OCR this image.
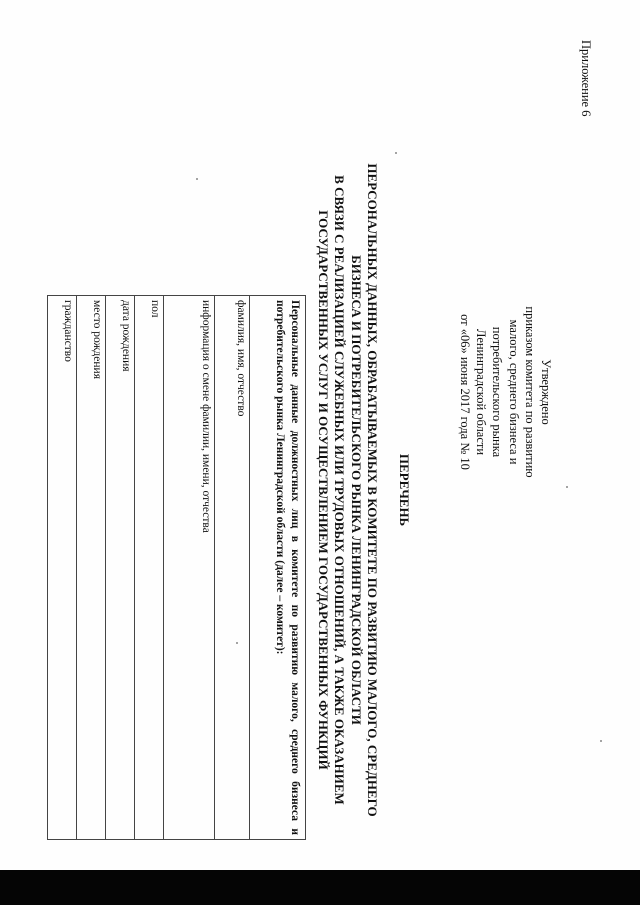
Приложение 6
Утверждено
приказом комитета по развитию
малого, среднего бизнеса и
потребительского рынка
Ленинградской области
от «06» июня 2017 года № 10
ПЕРЕЧЕНЬ
ПЕРСОНАЛЬНЫХ ДАННЫХ, ОБРАБАТЫВАЕМЫХ В КОМИТЕТЕ ПО РАЗВИТИЮ МАЛОГО, СРЕДНЕГО
БИЗНЕСА И ПОТРЕБИТЕЛЬСКОГО РЫНКА ЛЕНИНГРАДСКОЙ ОБЛАСТИ
В СВЯЗИ С РЕАЛИЗАЦИЕЙ СЛУЖЕБНЫХ ИЛИ ТРУДОВЫХ ОТНОШЕНИЙ, А ТАКЖЕ ОКАЗАНИЕМ
ГОСУДАРСТВЕННЫХ УСЛУГ И ОСУЩЕСТВЛЕНИЕМ ГОСУДАРСТВЕННЫХ ФУНКЦИЙ
Персональные данные должностных лиц в комитете по развитию малого, среднего бизнеса и потребительского рынка Ленинградской области (далее – комитет):
фамилия, имя, отчество
информация о смене фамилии, имени, отчества
пол
дата рождения
место рождения
гражданство
